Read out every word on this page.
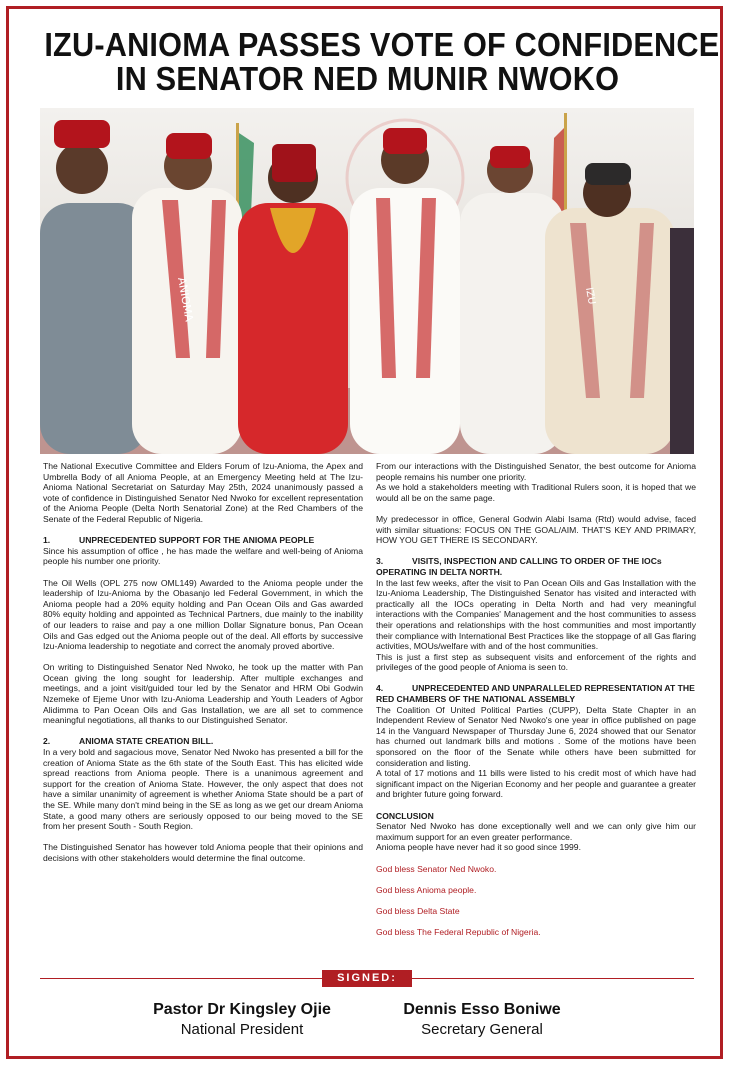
IZU-ANIOMA PASSES VOTE OF CONFIDENCE
IN SENATOR NED MUNIR NWOKO
ANIOMA	IZU

The National Executive Committee and Elders Forum of Izu-Anioma, the Apex and Umbrella Body of all Anioma People, at an Emergency Meeting held at The Izu-Anioma National Secretariat on Saturday May 25th, 2024 unanimously passed a vote of confidence in Distinguished Senator Ned Nwoko for excellent representation of the Anioma People (Delta North Senatorial Zone) at the Red Chambers of the Senate of the Federal Republic of Nigeria.

1.	UNPRECEDENTED SUPPORT FOR THE ANIOMA PEOPLE

Since his assumption of office , he has made the welfare and well-being of Anioma people his number one priority.

The Oil Wells (OPL 275 now OML149) Awarded to the Anioma people under the leadership of Izu-Anioma by the Obasanjo led Federal Government, in which the Anioma people had a 20% equity holding and Pan Ocean Oils and Gas awarded 80% equity holding and appointed as Technical Partners, due mainly to the inability of our leaders to raise and pay a one million Dollar Signature bonus, Pan Ocean Oils and Gas edged out the Anioma people out of the deal. All efforts by successive Izu-Anioma leadership to negotiate and correct the anomaly proved abortive.

On writing to Distinguished Senator Ned Nwoko, he took up the matter with Pan Ocean giving the long sought for leadership. After multiple exchanges and meetings, and a joint visit/guided tour led by the Senator and HRM Obi Godwin Nzemeke of Ejeme Unor with Izu-Anioma Leadership and Youth Leaders of Agbor Alidimma to Pan Ocean Oils and Gas Installation, we are all set to commence meaningful negotiations, all thanks to our Distinguished Senator.

2.	ANIOMA STATE CREATION BILL.

In a very bold and sagacious move, Senator Ned Nwoko has presented a bill for the creation of Anioma State as the 6th state of the South East. This has elicited wide spread reactions from Anioma people. There is a unanimous agreement and support for the creation of Anioma State. However, the only aspect that does not have a similar unanimity of agreement is whether Anioma State should be a part of the SE. While many don't mind being in the SE as long as we get our dream Anioma State, a good many others are seriously opposed to our being moved to the SE from her present South - South Region.

The Distinguished Senator has however told Anioma people that their opinions and decisions with other stakeholders would determine the final outcome.

From our interactions with the Distinguished Senator, the best outcome for Anioma people remains his number one priority.

As we hold a stakeholders meeting with Traditional Rulers soon, it is hoped that we would all be on the same page.

My predecessor in office, General Godwin Alabi Isama (Rtd) would advise, faced with similar situations: FOCUS ON THE GOAL/AIM. THAT'S KEY AND PRIMARY, HOW YOU GET THERE IS SECONDARY.

3.	VISITS, INSPECTION AND CALLING TO ORDER OF THE IOCs OPERATING IN DELTA NORTH.

In the last few weeks, after the visit to Pan Ocean Oils and Gas Installation with the Izu-Anioma Leadership, The Distinguished Senator has visited and interacted with practically all the IOCs operating in Delta North and had very meaningful interactions with the Companies' Management and the host communities to assess their operations and relationships with the host communities and most importantly their compliance with International Best Practices like the stoppage of all Gas flaring activities, MOUs/welfare with and of the host communities.

This is just a first step as subsequent visits and enforcement of the rights and privileges of the good people of Anioma is seen to.

4.	UNPRECEDENTED AND UNPARALLELED REPRESENTATION AT THE RED CHAMBERS OF THE NATIONAL ASSEMBLY

The Coalition Of United Political Parties (CUPP), Delta State Chapter in an Independent Review of Senator Ned Nwoko's one year in office published on page 14 in the Vanguard Newspaper of Thursday June 6, 2024 showed that our Senator has churned out landmark bills and motions . Some of the motions have been sponsored on the floor of the Senate while others have been submitted for consideration and listing.

A total of 17 motions and 11 bills were listed to his credit most of which have had significant impact on the Nigerian Economy and her people and guarantee a greater and brighter future going forward.

CONCLUSION

Senator Ned Nwoko has done exceptionally well and we can only give him our maximum support for an even greater performance.

Anioma people have never had it so good since 1999.

God bless Senator Ned Nwoko.

God bless Anioma people.

God bless Delta State

God bless The Federal Republic of Nigeria.

SIGNED:
Pastor Dr Kingsley Ojie
National President
Dennis Esso Boniwe
Secretary General
